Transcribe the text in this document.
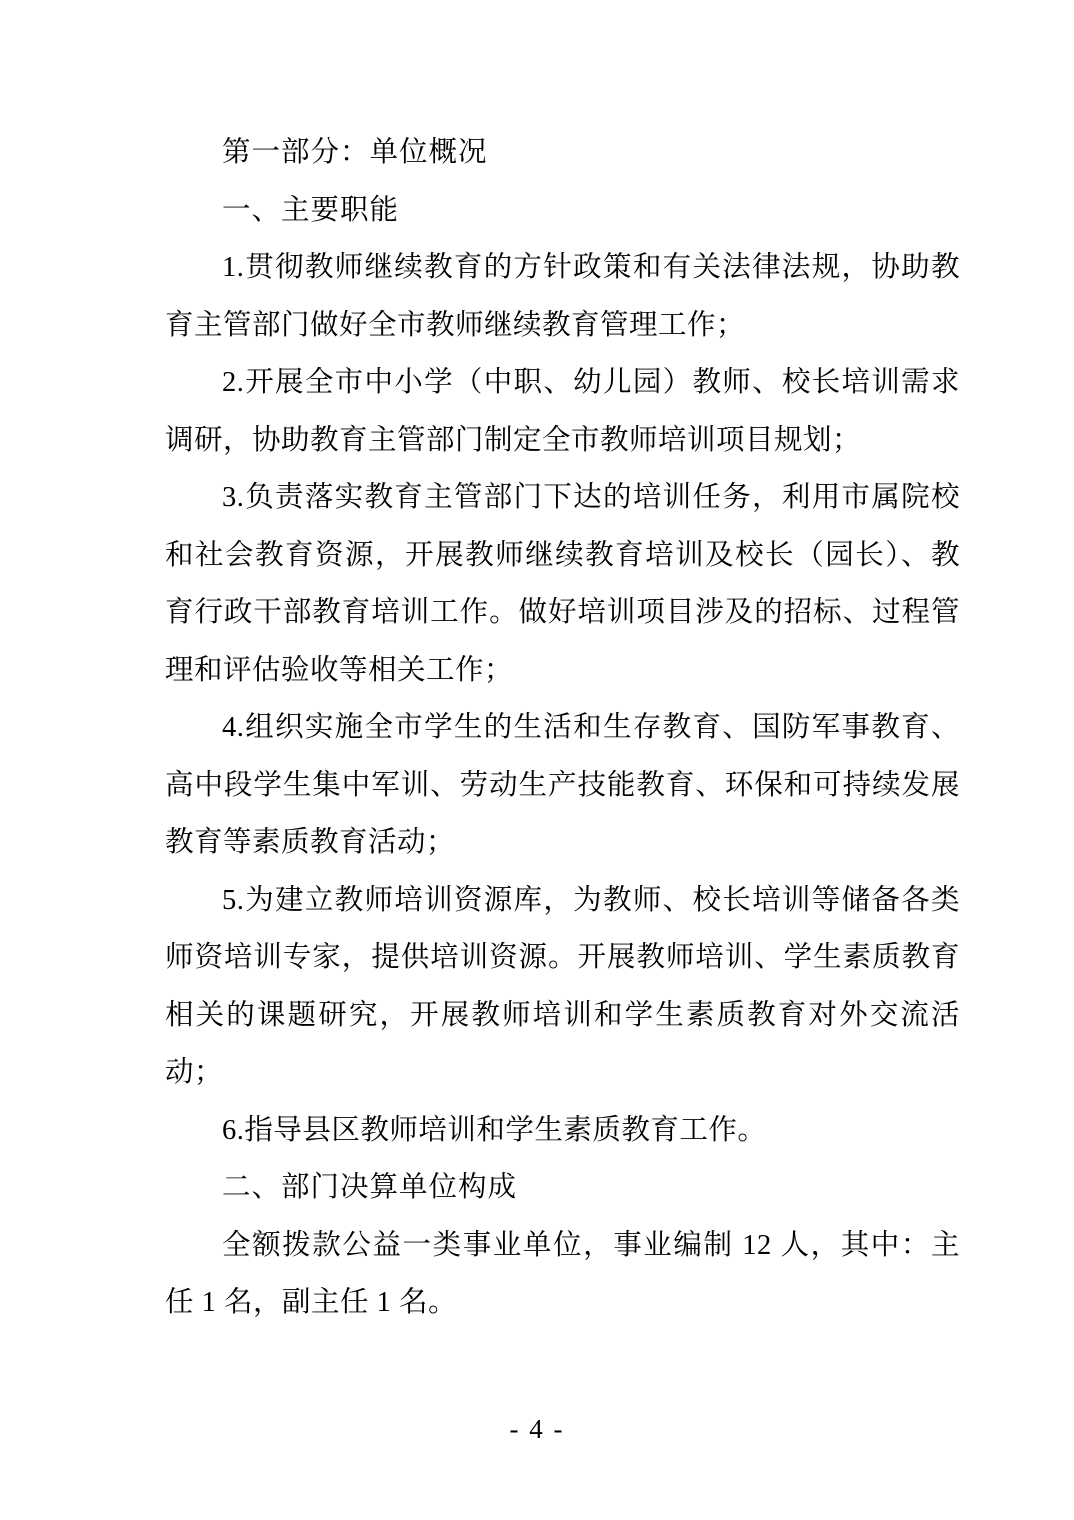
第一部分：单位概况

一、主要职能

1.贯彻教师继续教育的方针政策和有关法律法规，协助教育主管部门做好全市教师继续教育管理工作；

2.开展全市中小学（中职、幼儿园）教师、校长培训需求调研，协助教育主管部门制定全市教师培训项目规划；

3.负责落实教育主管部门下达的培训任务，利用市属院校和社会教育资源，开展教师继续教育培训及校长（园长）、教育行政干部教育培训工作。做好培训项目涉及的招标、过程管理和评估验收等相关工作；

4.组织实施全市学生的生活和生存教育、国防军事教育、高中段学生集中军训、劳动生产技能教育、环保和可持续发展教育等素质教育活动；

5.为建立教师培训资源库，为教师、校长培训等储备各类师资培训专家，提供培训资源。开展教师培训、学生素质教育相关的课题研究，开展教师培训和学生素质教育对外交流活动；

6.指导县区教师培训和学生素质教育工作。

二、部门决算单位构成

全额拨款公益一类事业单位，事业编制 12 人，其中：主任 1 名，副主任 1 名。

- 4 -
